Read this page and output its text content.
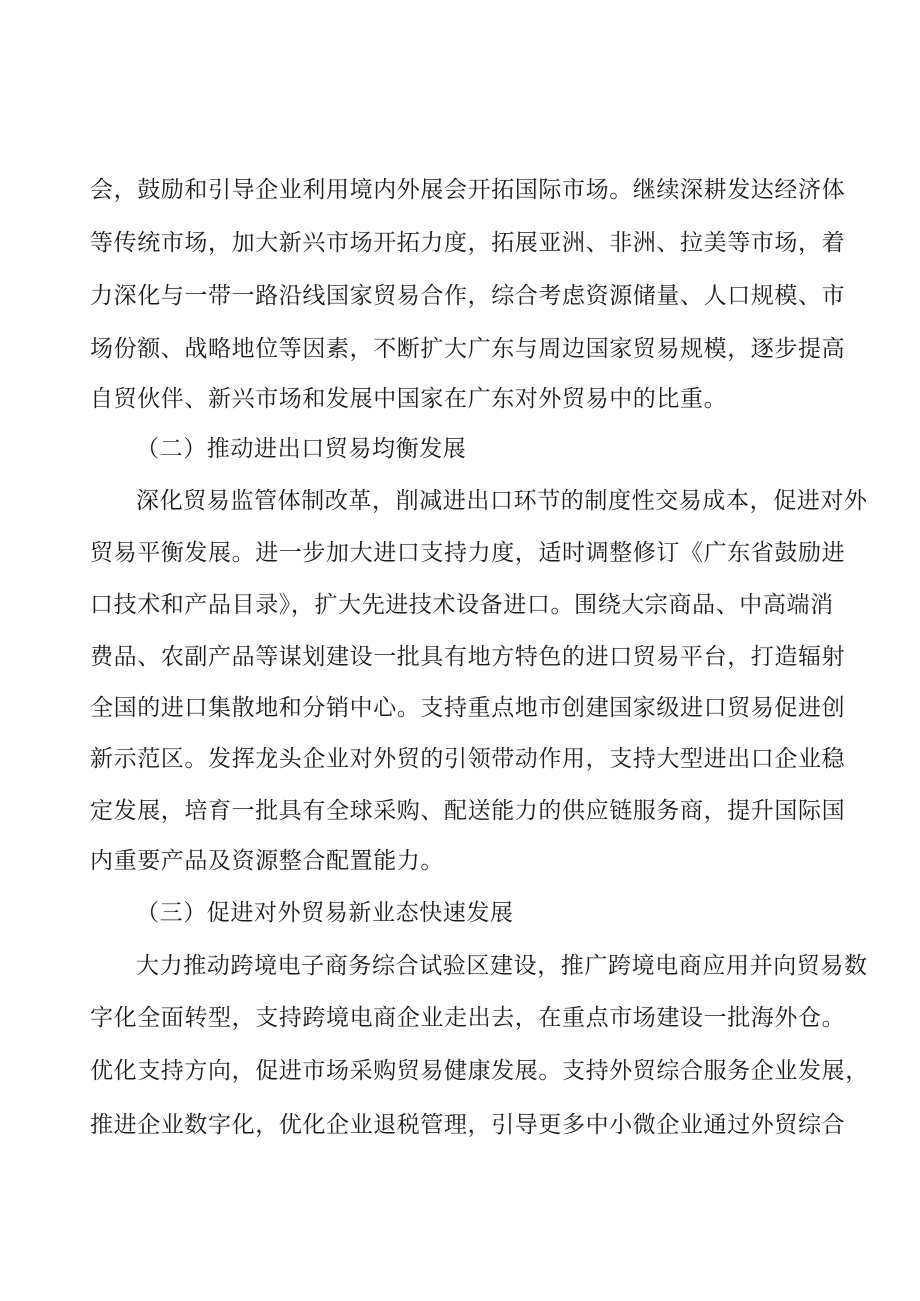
会，鼓励和引导企业利用境内外展会开拓国际市场。继续深耕发达经济体
等传统市场，加大新兴市场开拓力度，拓展亚洲、非洲、拉美等市场，着
力深化与一带一路沿线国家贸易合作，综合考虑资源储量、人口规模、市
场份额、战略地位等因素，不断扩大广东与周边国家贸易规模，逐步提高
自贸伙伴、新兴市场和发展中国家在广东对外贸易中的比重。
（二）推动进出口贸易均衡发展
深化贸易监管体制改革，削减进出口环节的制度性交易成本，促进对外
贸易平衡发展。进一步加大进口支持力度，适时调整修订《广东省鼓励进
口技术和产品目录》，扩大先进技术设备进口。围绕大宗商品、中高端消
费品、农副产品等谋划建设一批具有地方特色的进口贸易平台，打造辐射
全国的进口集散地和分销中心。支持重点地市创建国家级进口贸易促进创
新示范区。发挥龙头企业对外贸的引领带动作用，支持大型进出口企业稳
定发展，培育一批具有全球采购、配送能力的供应链服务商，提升国际国
内重要产品及资源整合配置能力。
（三）促进对外贸易新业态快速发展
大力推动跨境电子商务综合试验区建设，推广跨境电商应用并向贸易数
字化全面转型，支持跨境电商企业走出去，在重点市场建设一批海外仓。
优化支持方向，促进市场采购贸易健康发展。支持外贸综合服务企业发展，
推进企业数字化，优化企业退税管理，引导更多中小微企业通过外贸综合
